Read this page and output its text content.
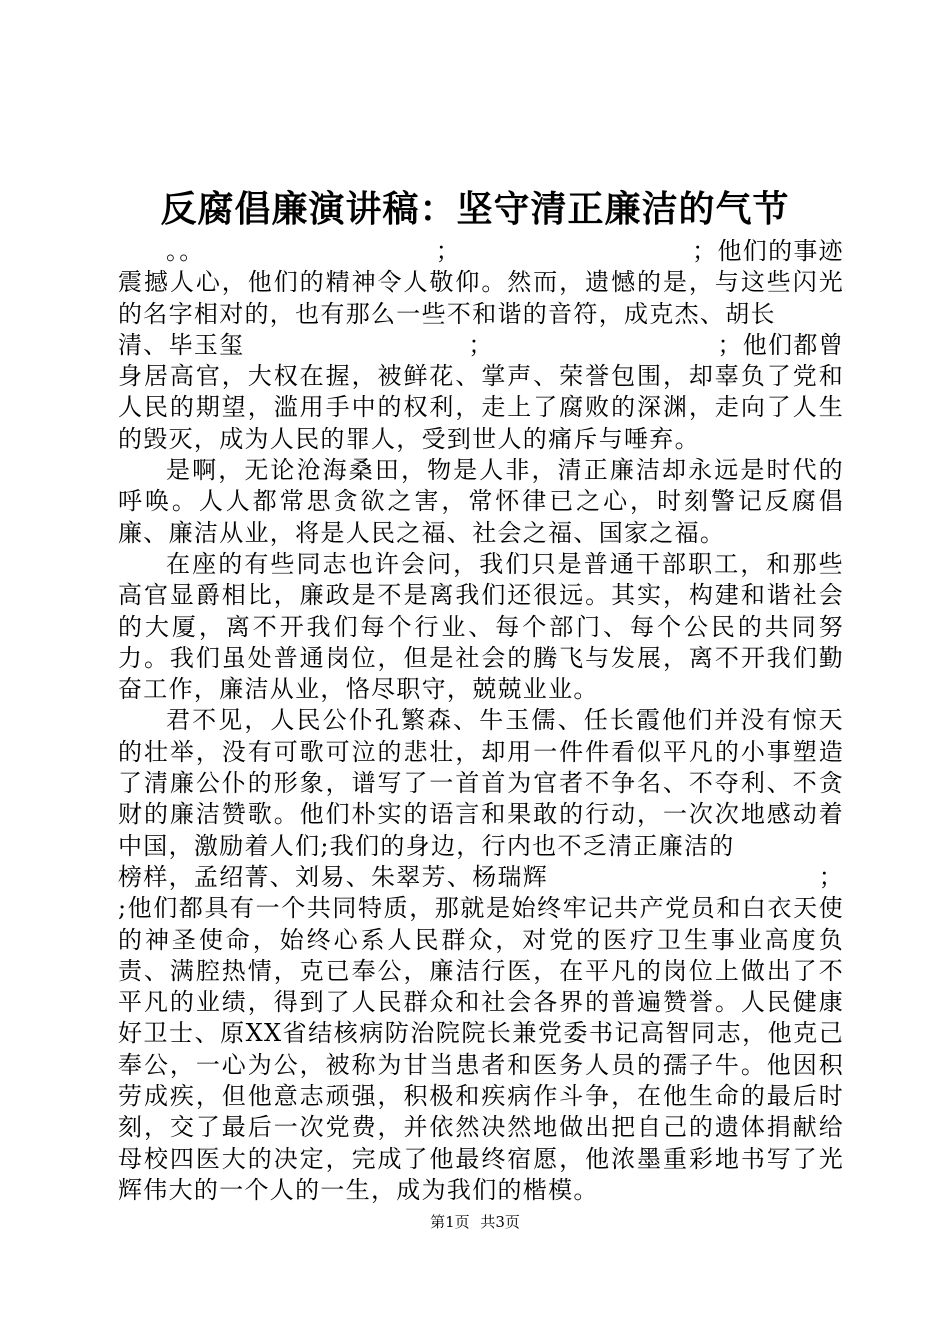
反腐倡廉演讲稿：坚守清正廉洁的气节
。。	；	；他们的事迹

震撼人心，他们的精神令人敬仰。然而，遗憾的是，与这些闪光的名字相对的，也有那么一些不和谐的音符，成克杰、胡长

清、毕玉玺	；	；他们都曾

身居高官，大权在握，被鲜花、掌声、荣誉包围，却辜负了党和人民的期望，滥用手中的权利，走上了腐败的深渊，走向了人生的毁灭，成为人民的罪人，受到世人的痛斥与唾弃。

是啊，无论沧海桑田，物是人非，清正廉洁却永远是时代的呼唤。人人都常思贪欲之害，常怀律已之心，时刻警记反腐倡廉、廉洁从业，将是人民之福、社会之福、国家之福。

在座的有些同志也许会问，我们只是普通干部职工，和那些高官显爵相比，廉政是不是离我们还很远。其实，构建和谐社会的大厦，离不开我们每个行业、每个部门、每个公民的共同努力。我们虽处普通岗位，但是社会的腾飞与发展，离不开我们勤奋工作，廉洁从业，恪尽职守，兢兢业业。

君不见，人民公仆孔繁森、牛玉儒、任长霞他们并没有惊天的壮举，没有可歌可泣的悲壮，却用一件件看似平凡的小事塑造了清廉公仆的形象，谱写了一首首为官者不争名、不夺利、不贪财的廉洁赞歌。他们朴实的语言和果敢的行动，一次次地感动着中国，激励着人们;我们的身边，行内也不乏清正廉洁的

榜样，孟绍菁、刘易、朱翠芳、杨瑞辉	；

;他们都具有一个共同特质，那就是始终牢记共产党员和白衣天使的神圣使命，始终心系人民群众，对党的医疗卫生事业高度负责、满腔热情，克已奉公，廉洁行医，在平凡的岗位上做出了不平凡的业绩，得到了人民群众和社会各界的普遍赞誉。人民健康好卫士、原XX省结核病防治院院长兼党委书记高智同志，他克己奉公，一心为公，被称为甘当患者和医务人员的孺子牛。他因积劳成疾，但他意志顽强，积极和疾病作斗争，在他生命的最后时刻，交了最后一次党费，并依然决然地做出把自己的遗体捐献给母校四医大的决定，完成了他最终宿愿，他浓墨重彩地书写了光辉伟大的一个人的一生，成为我们的楷模。

第1页 共3页
